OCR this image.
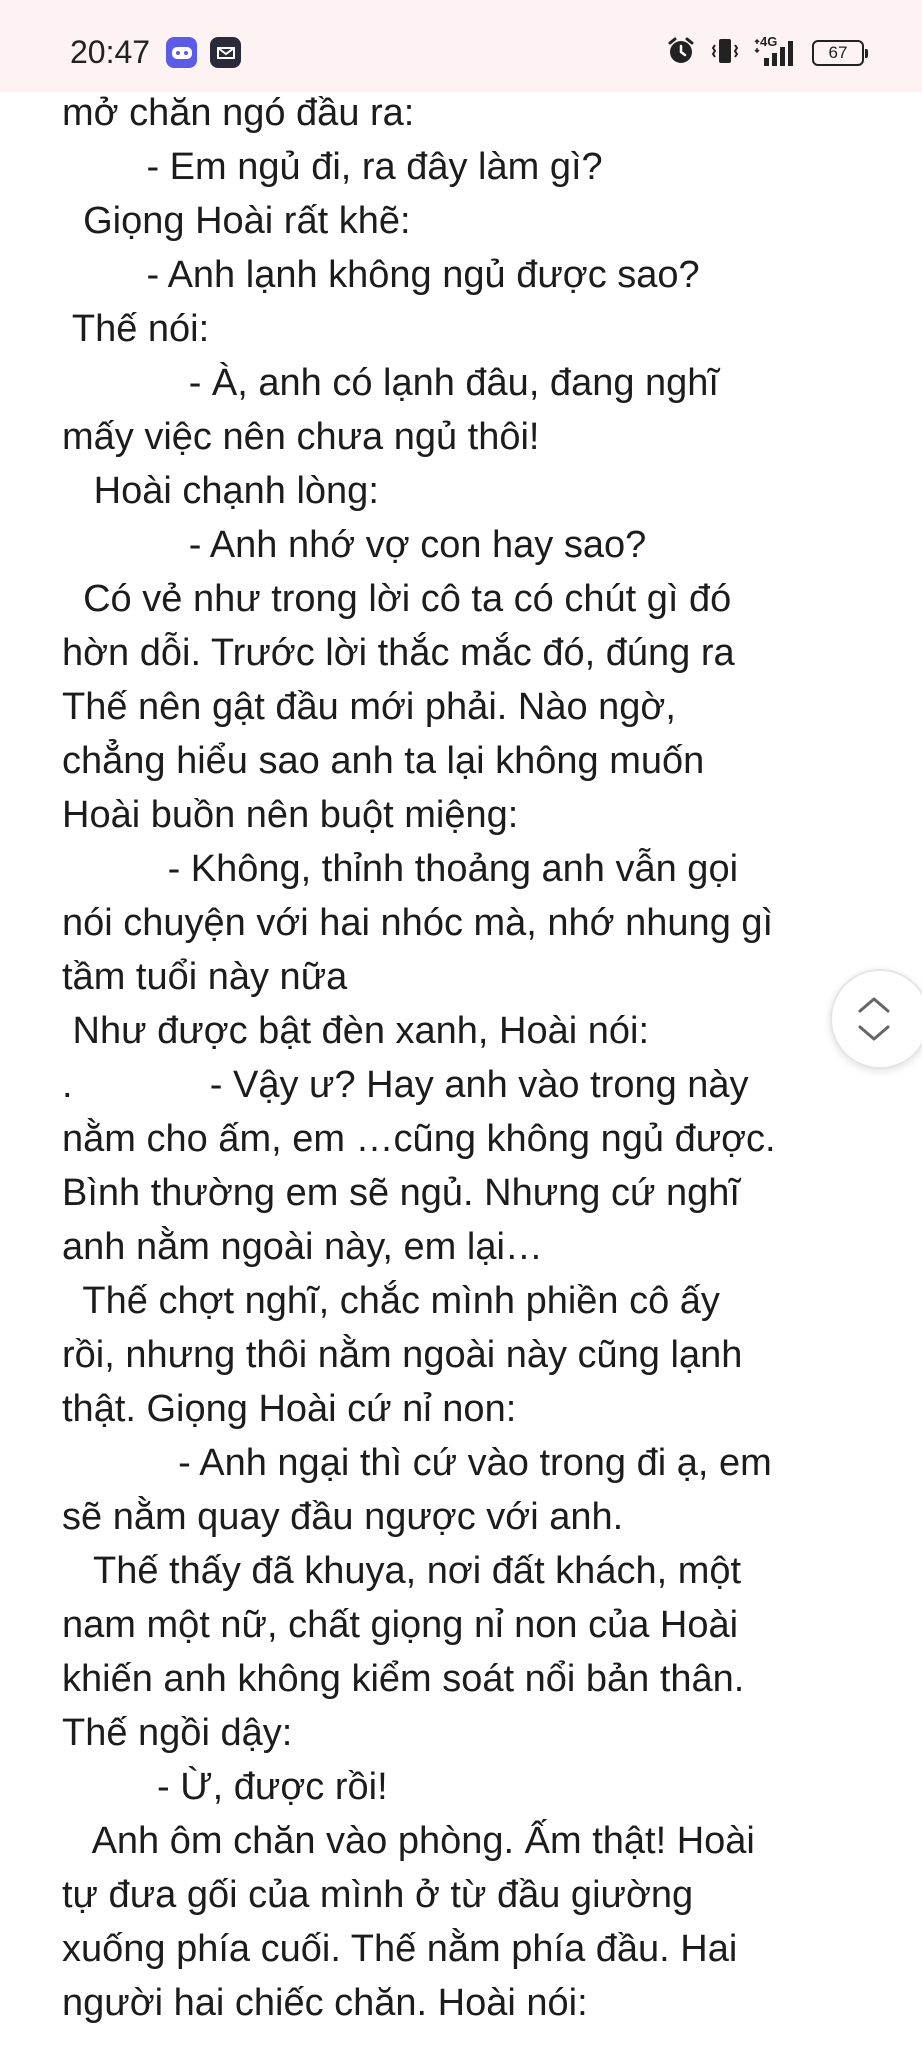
20:47	4G
67
mở chăn ngó đầu ra:
- Em ngủ đi, ra đây làm gì?
Giọng Hoài rất khẽ:
- Anh lạnh không ngủ được sao?
Thế nói:
- À, anh có lạnh đâu, đang nghĩ
mấy việc nên chưa ngủ thôi!
Hoài chạnh lòng:
- Anh nhớ vợ con hay sao?
Có vẻ như trong lời cô ta có chút gì đó
hờn dỗi. Trước lời thắc mắc đó, đúng ra
Thế nên gật đầu mới phải. Nào ngờ,
chẳng hiểu sao anh ta lại không muốn
Hoài buồn nên buột miệng:
- Không, thỉnh thoảng anh vẫn gọi
nói chuyện với hai nhóc mà, nhớ nhung gì
tầm tuổi này nữa
Như được bật đèn xanh, Hoài nói:
.             - Vậy ư? Hay anh vào trong này
nằm cho ấm, em …cũng không ngủ được.
Bình thường em sẽ ngủ. Nhưng cứ nghĩ
anh nằm ngoài này, em lại…
Thế chợt nghĩ, chắc mình phiền cô ấy
rồi, nhưng thôi nằm ngoài này cũng lạnh
thật. Giọng Hoài cứ nỉ non:
- Anh ngại thì cứ vào trong đi ạ, em
sẽ nằm quay đầu ngược với anh.
Thế thấy đã khuya, nơi đất khách, một
nam một nữ, chất giọng nỉ non của Hoài
khiến anh không kiểm soát nổi bản thân.
Thế ngồi dậy:
- Ừ, được rồi!
Anh ôm chăn vào phòng. Ấm thật! Hoài
tự đưa gối của mình ở từ đầu giường
xuống phía cuối. Thế nằm phía đầu. Hai
người hai chiếc chăn. Hoài nói:
